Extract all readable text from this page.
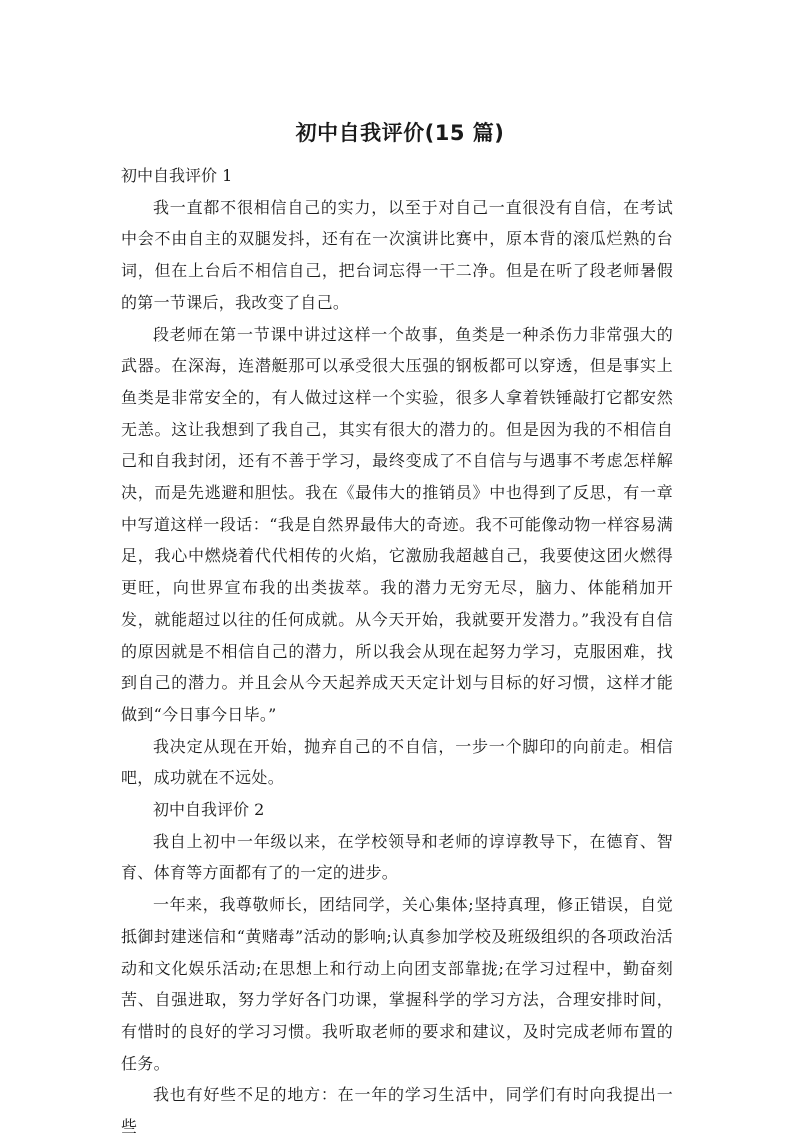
初中自我评价(15 篇)

初中自我评价 1

我一直都不很相信自己的实力，以至于对自己一直很没有自信，在考试中会不由自主的双腿发抖，还有在一次演讲比赛中，原本背的滚瓜烂熟的台词，但在上台后不相信自己，把台词忘得一干二净。但是在听了段老师暑假的第一节课后，我改变了自己。

段老师在第一节课中讲过这样一个故事，鱼类是一种杀伤力非常强大的武器。在深海，连潜艇那可以承受很大压强的钢板都可以穿透，但是事实上鱼类是非常安全的，有人做过这样一个实验，很多人拿着铁锤敲打它都安然无恙。这让我想到了我自己，其实有很大的潜力的。但是因为我的不相信自己和自我封闭，还有不善于学习，最终变成了不自信与与遇事不考虑怎样解决，而是先逃避和胆怯。我在《最伟大的推销员》中也得到了反思，有一章中写道这样一段话：“我是自然界最伟大的奇迹。我不可能像动物一样容易满足，我心中燃烧着代代相传的火焰，它激励我超越自己，我要使这团火燃得更旺，向世界宣布我的出类拔萃。我的潜力无穷无尽，脑力、体能稍加开发，就能超过以往的任何成就。从今天开始，我就要开发潜力。”我没有自信的原因就是不相信自己的潜力，所以我会从现在起努力学习，克服困难，找到自己的潜力。并且会从今天起养成天天定计划与目标的好习惯，这样才能做到“今日事今日毕。”

我决定从现在开始，抛弃自己的不自信，一步一个脚印的向前走。相信吧，成功就在不远处。

初中自我评价 2

我自上初中一年级以来，在学校领导和老师的谆谆教导下，在德育、智育、体育等方面都有了的一定的进步。

一年来，我尊敬师长，团结同学，关心集体;坚持真理，修正错误，自觉抵御封建迷信和“黄赌毒”活动的影响;认真参加学校及班级组织的各项政治活动和文化娱乐活动;在思想上和行动上向团支部靠拢;在学习过程中，勤奋刻苦、自强进取，努力学好各门功课，掌握科学的学习方法，合理安排时间，有惜时的良好的学习习惯。我听取老师的要求和建议，及时完成老师布置的任务。

我也有好些不足的地方：在一年的学习生活中，同学们有时向我提出一些
